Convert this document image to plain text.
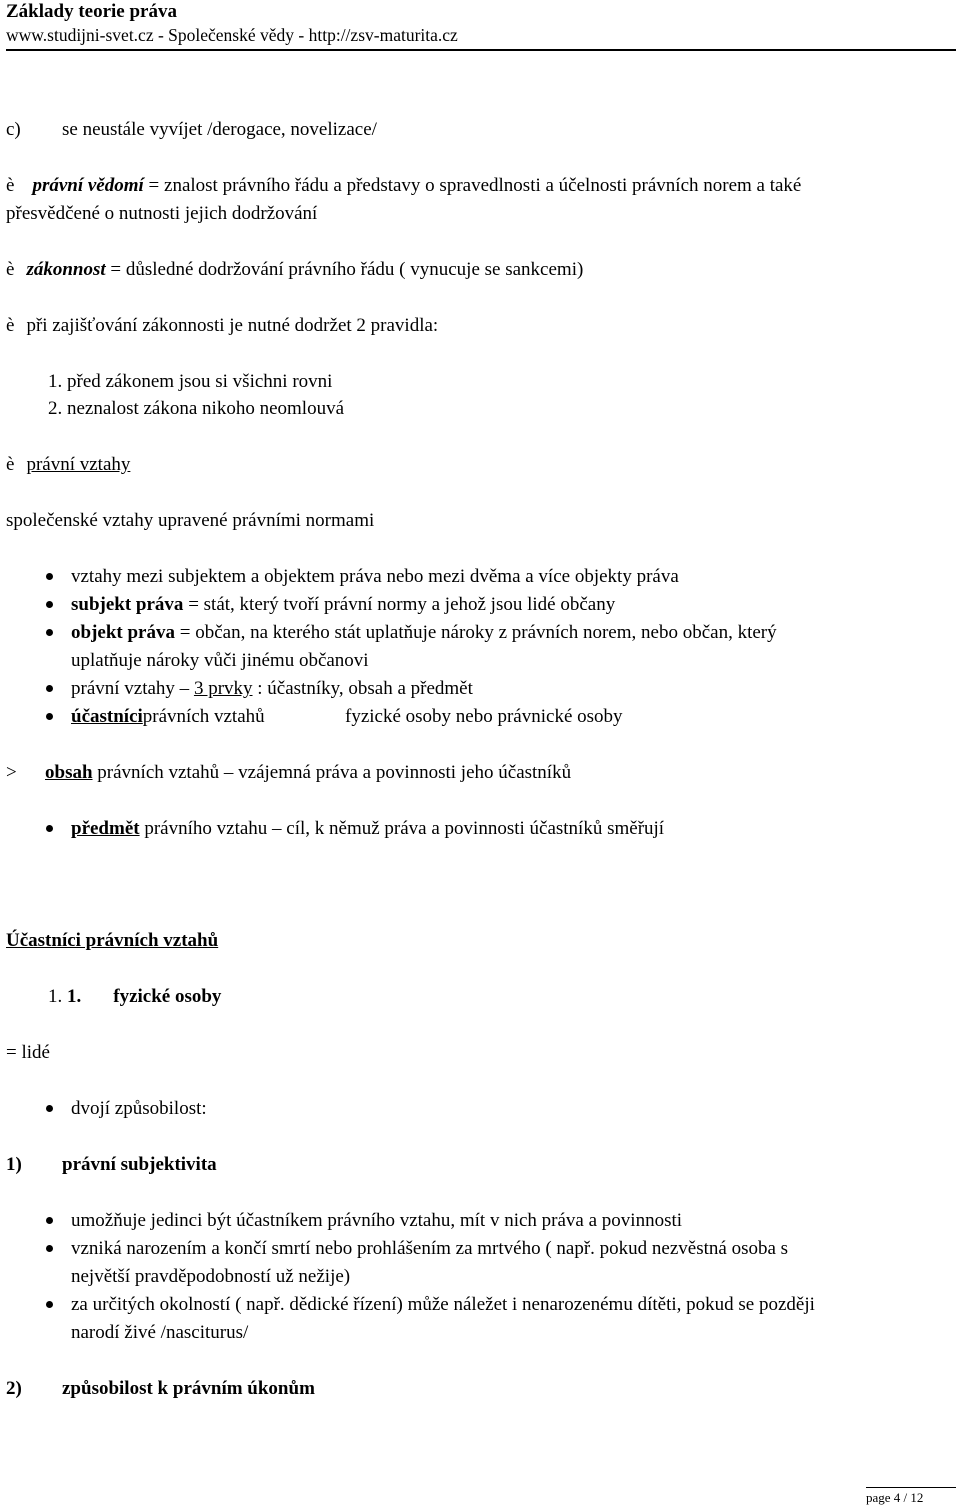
Základy teorie práva
www.studijni-svet.cz - Společenské vědy - http://zsv-maturita.cz
c) se neustále vyvíjet /derogace, novelizace/
è právní vědomí = znalost právního řádu a představy o spravedlnosti a účelnosti právních norem a také
přesvědčené o nutnosti jejich dodržování
è zákonnost = důsledné dodržování právního řádu ( vynucuje se sankcemi)
è při zajišťování zákonnosti je nutné dodržet 2 pravidla:
1. před zákonem jsou si všichni rovni
2. neznalost zákona nikoho neomlouvá
è právní vztahy
společenské vztahy upravené právními normami
vztahy mezi subjektem a objektem práva nebo mezi dvěma a více objekty práva
subjekt práva = stát, který tvoří právní normy a jehož jsou lidé občany
objekt práva = občan, na kterého stát uplatňuje nároky z právních norem, nebo občan, který
uplatňuje nároky vůči jinému občanovi
právní vztahy – 3 prvky : účastníky, obsah a předmět
účastníciprávních vztahů	fyzické osoby nebo právnické osoby
> obsah právních vztahů – vzájemná práva a povinnosti jeho účastníků
předmět právního vztahu – cíl, k němuž práva a povinnosti účastníků směřují
Účastníci právních vztahů
1. 1. fyzické osoby
= lidé
dvojí způsobilost:
1) právní subjektivita
umožňuje jedinci být účastníkem právního vztahu, mít v nich práva a povinnosti
vzniká narozením a končí smrtí nebo prohlášením za mrtvého ( např. pokud nezvěstná osoba s
největší pravděpodobností už nežije)
za určitých okolností ( např. dědické řízení) může náležet i nenarozenému dítěti, pokud se později
narodí živé /nasciturus/
2) způsobilost k právním úkonům
page 4 / 12
